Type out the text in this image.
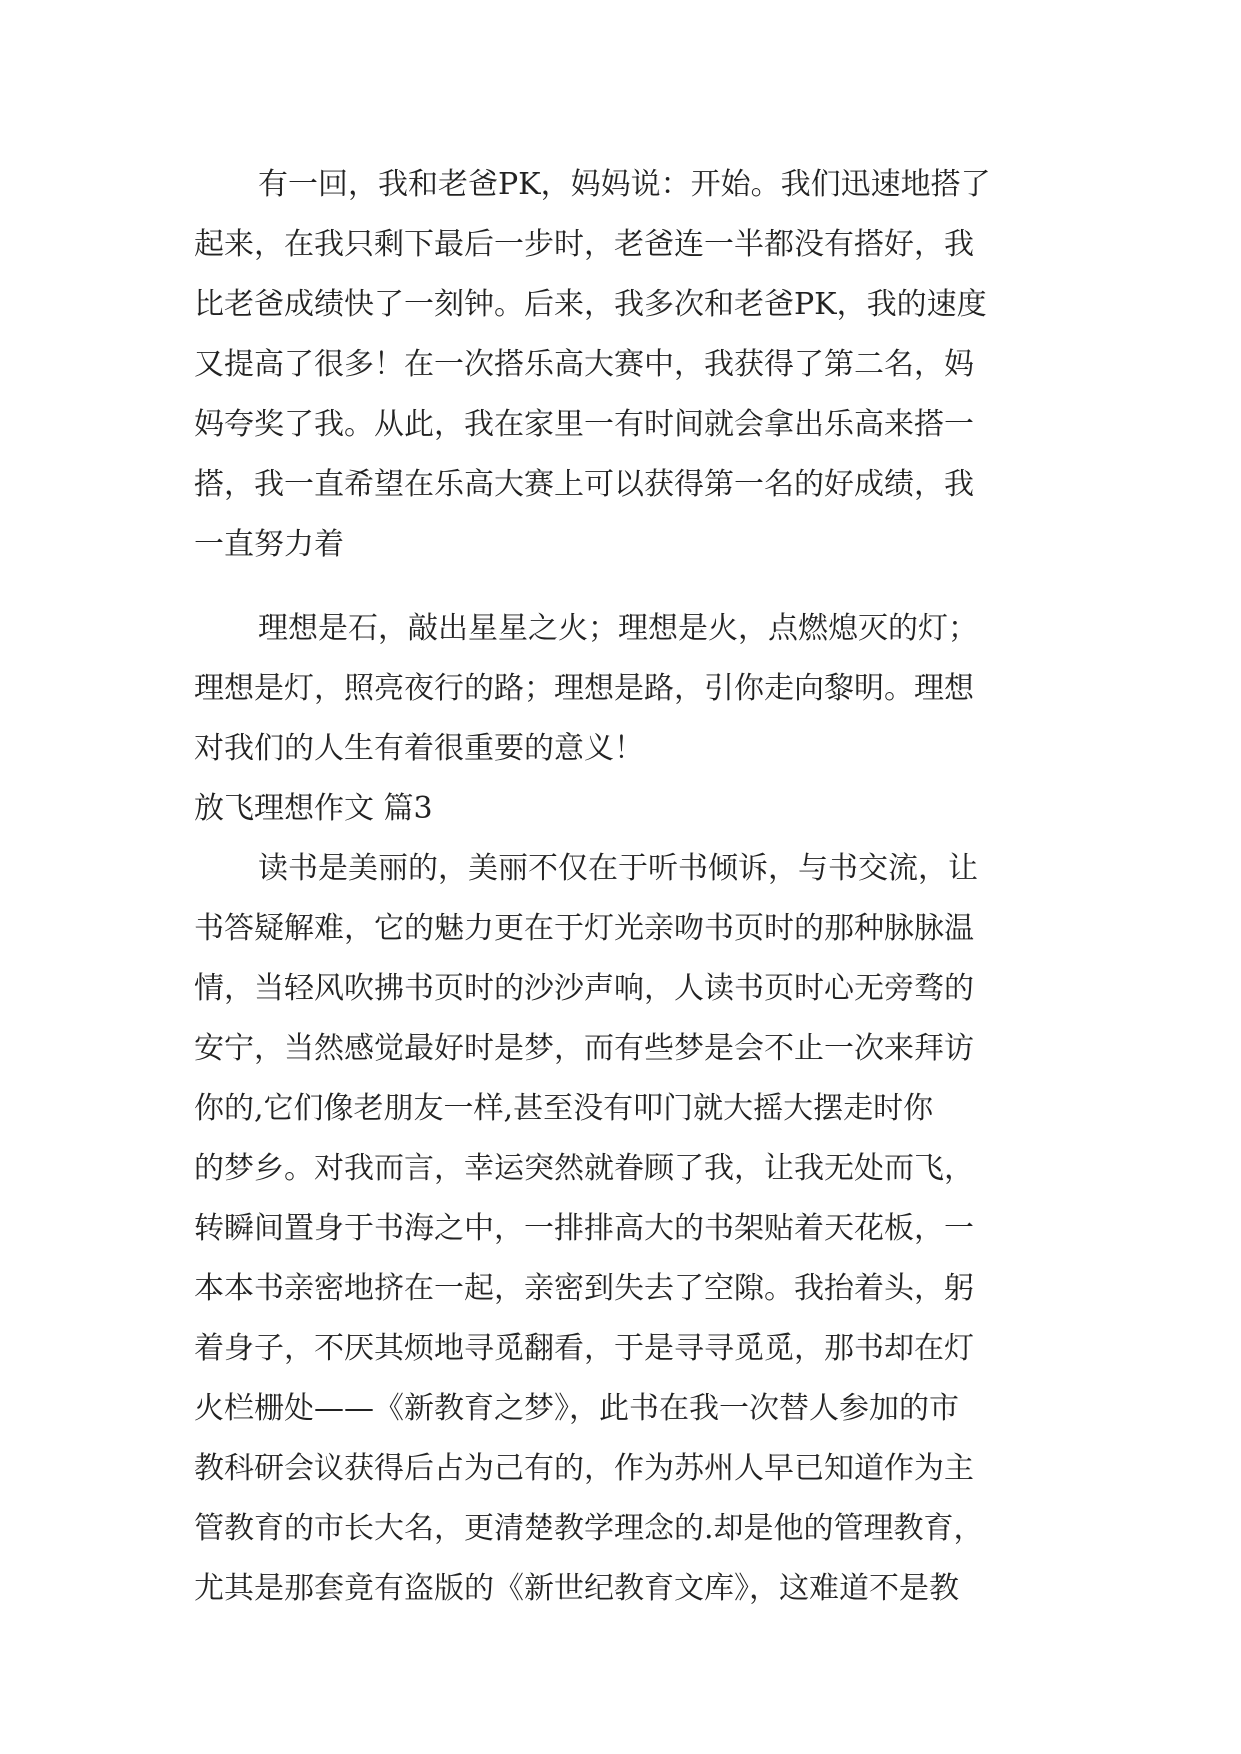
有一回，我和老爸PK，妈妈说：开始。我们迅速地搭了
起来，在我只剩下最后一步时，老爸连一半都没有搭好，我
比老爸成绩快了一刻钟。后来，我多次和老爸PK，我的速度
又提高了很多！在一次搭乐高大赛中，我获得了第二名，妈
妈夸奖了我。从此，我在家里一有时间就会拿出乐高来搭一
搭，我一直希望在乐高大赛上可以获得第一名的好成绩，我
一直努力着
理想是石，敲出星星之火；理想是火，点燃熄灭的灯；
理想是灯，照亮夜行的路；理想是路，引你走向黎明。理想
对我们的人生有着很重要的意义！
放飞理想作文 篇3
读书是美丽的，美丽不仅在于听书倾诉，与书交流，让
书答疑解难，它的魅力更在于灯光亲吻书页时的那种脉脉温
情，当轻风吹拂书页时的沙沙声响，人读书页时心无旁骛的
安宁，当然感觉最好时是梦，而有些梦是会不止一次来拜访
你的,它们像老朋友一样,甚至没有叩门就大摇大摆走时你
的梦乡。对我而言，幸运突然就眷顾了我，让我无处而飞，
转瞬间置身于书海之中，一排排高大的书架贴着天花板，一
本本书亲密地挤在一起，亲密到失去了空隙。我抬着头，躬
着身子，不厌其烦地寻觅翻看，于是寻寻觅觅，那书却在灯
火栏栅处——《新教育之梦》，此书在我一次替人参加的市
教科研会议获得后占为己有的，作为苏州人早已知道作为主
管教育的市长大名，更清楚教学理念的.却是他的管理教育，
尤其是那套竟有盗版的《新世纪教育文库》，这难道不是教
